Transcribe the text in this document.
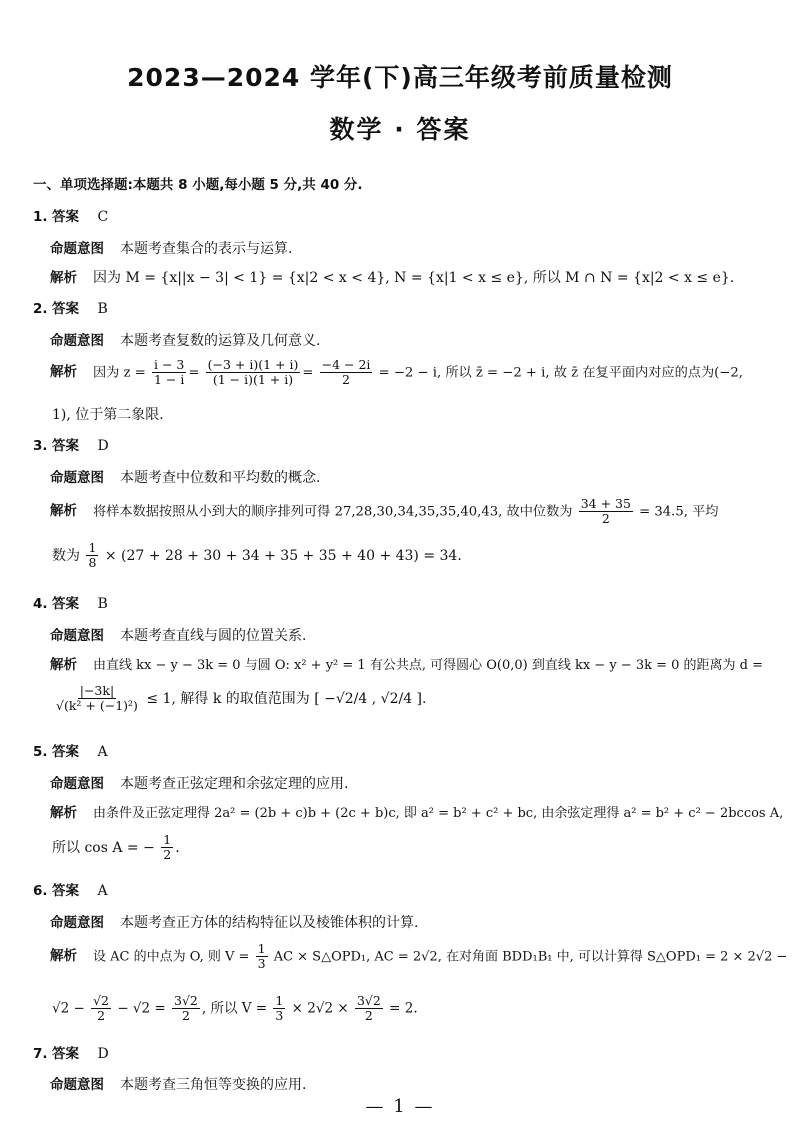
2023—2024 学年(下)高三年级考前质量检测
数学 · 答案
一、单项选择题:本题共 8 小题,每小题 5 分,共 40 分.
1. 答案 C
命题意图 本题考查集合的表示与运算.
解析 因为 M = {x||x − 3| < 1} = {x|2 < x < 4}, N = {x|1 < x ≤ e}, 所以 M ∩ N = {x|2 < x ≤ e}.
2. 答案 B
命题意图 本题考查复数的运算及几何意义.
解析 因为 $z = \frac{i - 3}{1 - i} = \frac{(-3 + i)(1 + i)}{(1 - i)(1 + i)} = \frac{-4 - 2i}{2} = -2 - i$, 所以 z̄ = −2 + i, 故 z̄ 在复平面内对应的点为(−2,
1), 位于第二象限.
3. 答案 D
命题意图 本题考查中位数和平均数的概念.
解析 将样本数据按照从小到大的顺序排列可得 27,28,30,34,35,35,40,43, 故中位数为 $\frac{34 + 35}{2} = 34.5$, 平均
数为 $\frac{1}{8} \times (27 + 28 + 30 + 34 + 35 + 35 + 40 + 43) = 34$.
4. 答案 B
命题意图 本题考查直线与圆的位置关系.
解析 由直线 kx − y − 3k = 0 与圆 O: x² + y² = 1 有公共点, 可得圆心 O(0,0) 到直线 kx − y − 3k = 0 的距离为 d =
$\frac{|-3k|}{\text{√(k² + (−1)²)}} \le 1$, 解得 k 的取值范围为 [ −√2/4 , √2/4 ].
5. 答案 A
命题意图 本题考查正弦定理和余弦定理的应用.
解析 由条件及正弦定理得 2a² = (2b + c)b + (2c + b)c, 即 a² = b² + c² + bc, 由余弦定理得 a² = b² + c² − 2bccos A,
所以 cos A = − $\frac{1}{2}$ .
6. 答案 A
命题意图 本题考查正方体的结构特征以及棱锥体积的计算.
解析 设 AC 的中点为 O, 则 $V = \frac{1}{3}$ AC × S△OPD₁, AC = 2√2, 在对角面 BDD₁B₁ 中, 可以计算得 S△OPD₁ = 2 × 2√2 −
$√2 - \frac{√2}{2} - √2 = \frac{3√2}{2}$ , 所以 $V = \frac{1}{3} \times 2√2 \times \frac{3√2}{2} = 2$.
7. 答案 D
命题意图 本题考查三角恒等变换的应用.
— 1 —
